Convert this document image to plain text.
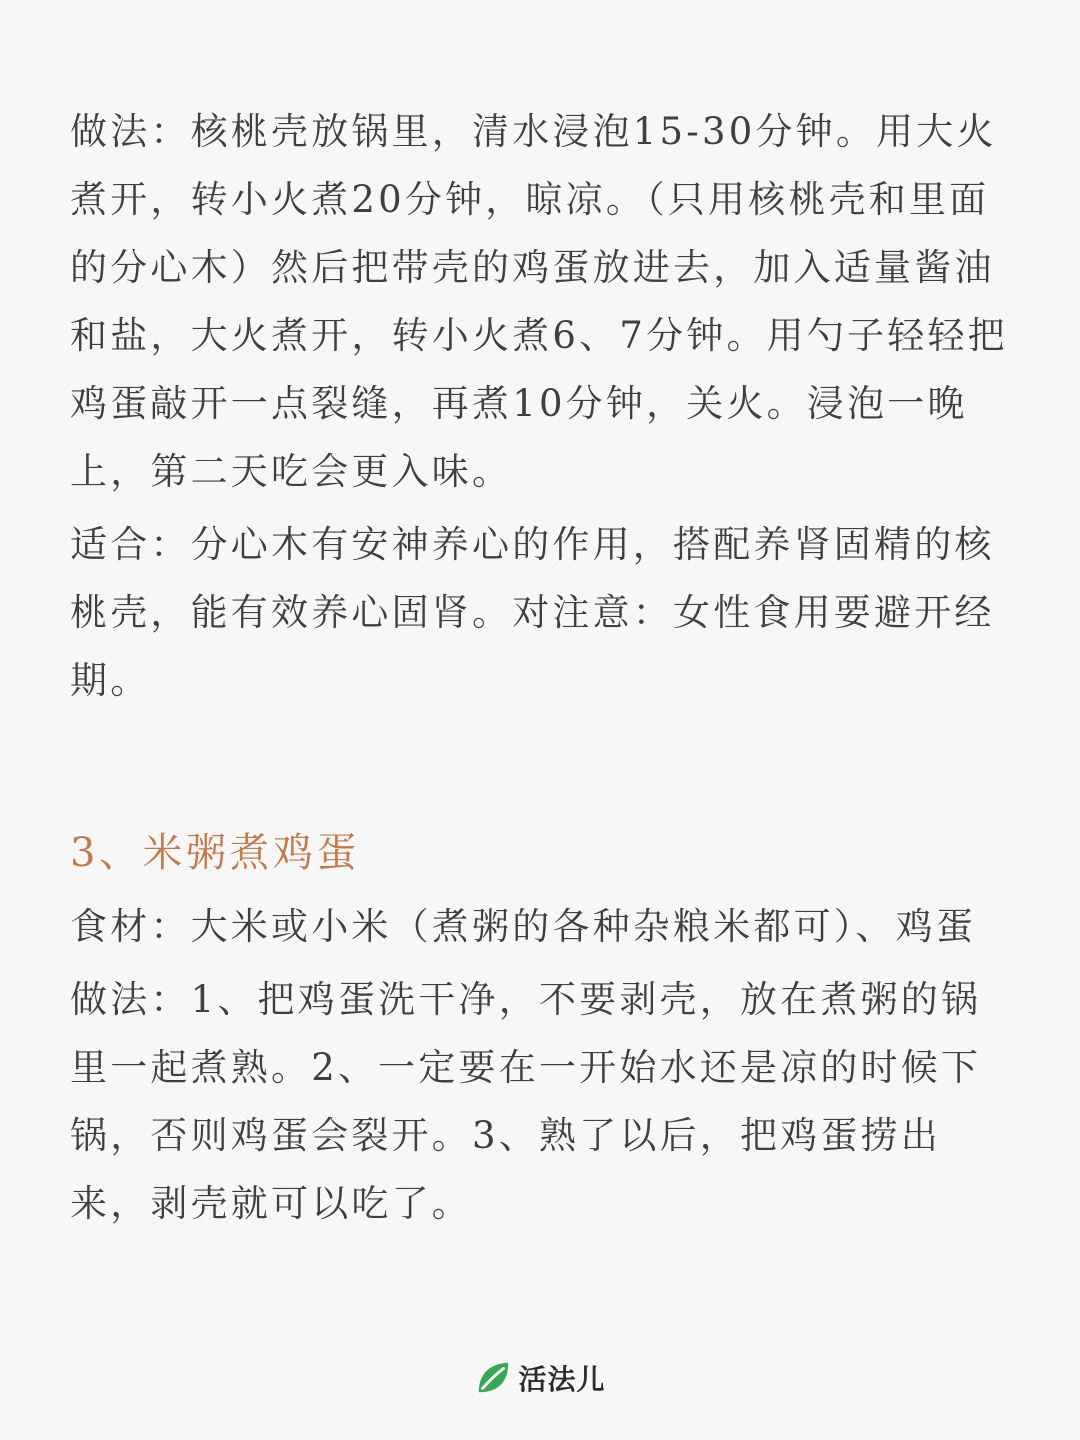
做法：核桃壳放锅里，清水浸泡15-30分钟。用大火煮开，转小火煮20分钟，晾凉。（只用核桃壳和里面的分心木）然后把带壳的鸡蛋放进去，加入适量酱油和盐，大火煮开，转小火煮6、7分钟。用勺子轻轻把鸡蛋敲开一点裂缝，再煮10分钟，关火。浸泡一晚上，第二天吃会更入味。

适合：分心木有安神养心的作用，搭配养肾固精的核桃壳，能有效养心固肾。对注意：女性食用要避开经期。

3、米粥煮鸡蛋

食材：大米或小米（煮粥的各种杂粮米都可）、鸡蛋

做法：1、把鸡蛋洗干净，不要剥壳，放在煮粥的锅里一起煮熟。2、一定要在一开始水还是凉的时候下锅，否则鸡蛋会裂开。3、熟了以后，把鸡蛋捞出来，剥壳就可以吃了。

活法儿
